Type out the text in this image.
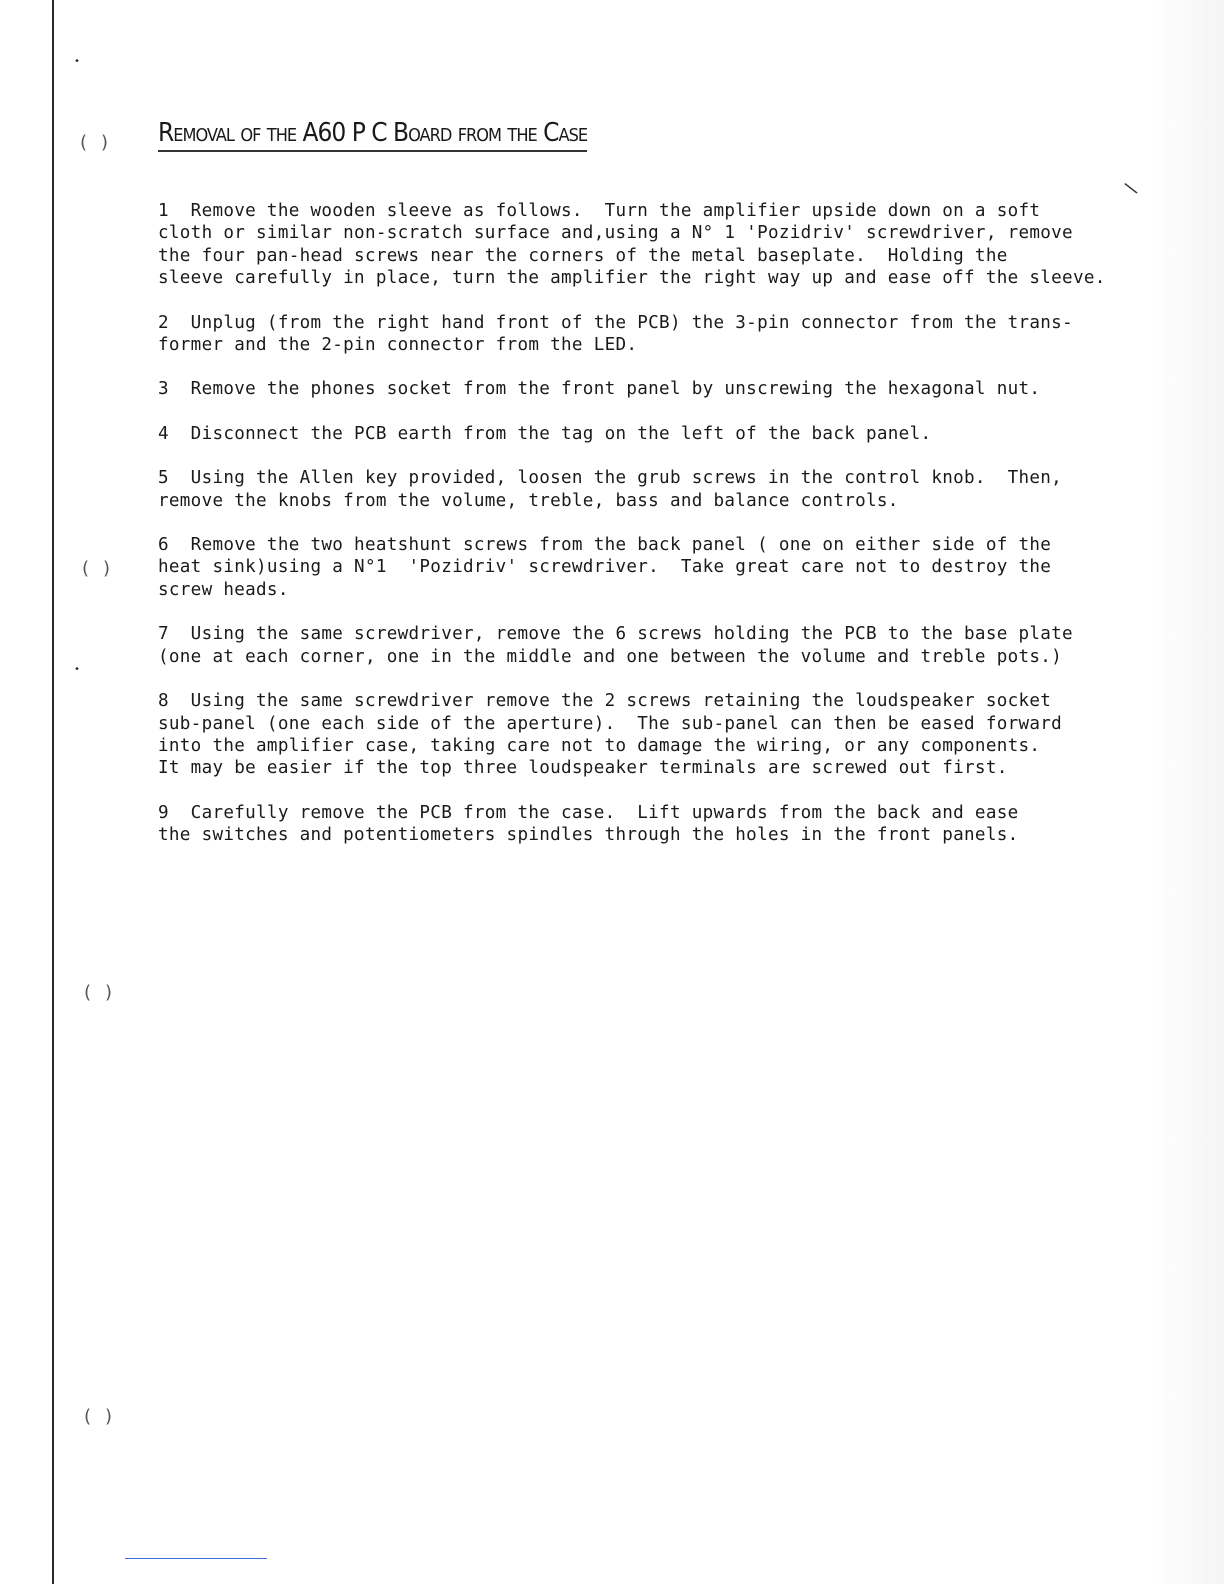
()
()
()
()
\
•
•
Removal of the A60 P C Board from the Case

1  Remove the wooden sleeve as follows.  Turn the amplifier upside down on a soft
cloth or similar non-scratch surface and,using a N° 1 'Pozidriv' screwdriver, remove
the four pan-head screws near the corners of the metal baseplate.  Holding the
sleeve carefully in place, turn the amplifier the right way up and ease off the sleeve.

2  Unplug (from the right hand front of the PCB) the 3-pin connector from the trans-
former and the 2-pin connector from the LED.

3  Remove the phones socket from the front panel by unscrewing the hexagonal nut.

4  Disconnect the PCB earth from the tag on the left of the back panel.

5  Using the Allen key provided, loosen the grub screws in the control knob.  Then,
remove the knobs from the volume, treble, bass and balance controls.

6  Remove the two heatshunt screws from the back panel ( one on either side of the
heat sink)using a N°1  'Pozidriv' screwdriver.  Take great care not to destroy the
screw heads.

7  Using the same screwdriver, remove the 6 screws holding the PCB to the base plate
(one at each corner, one in the middle and one between the volume and treble pots.)

8  Using the same screwdriver remove the 2 screws retaining the loudspeaker socket
sub-panel (one each side of the aperture).  The sub-panel can then be eased forward
into the amplifier case, taking care not to damage the wiring, or any components.
It may be easier if the top three loudspeaker terminals are screwed out first.

9  Carefully remove the PCB from the case.  Lift upwards from the back and ease
the switches and potentiometers spindles through the holes in the front panels.
